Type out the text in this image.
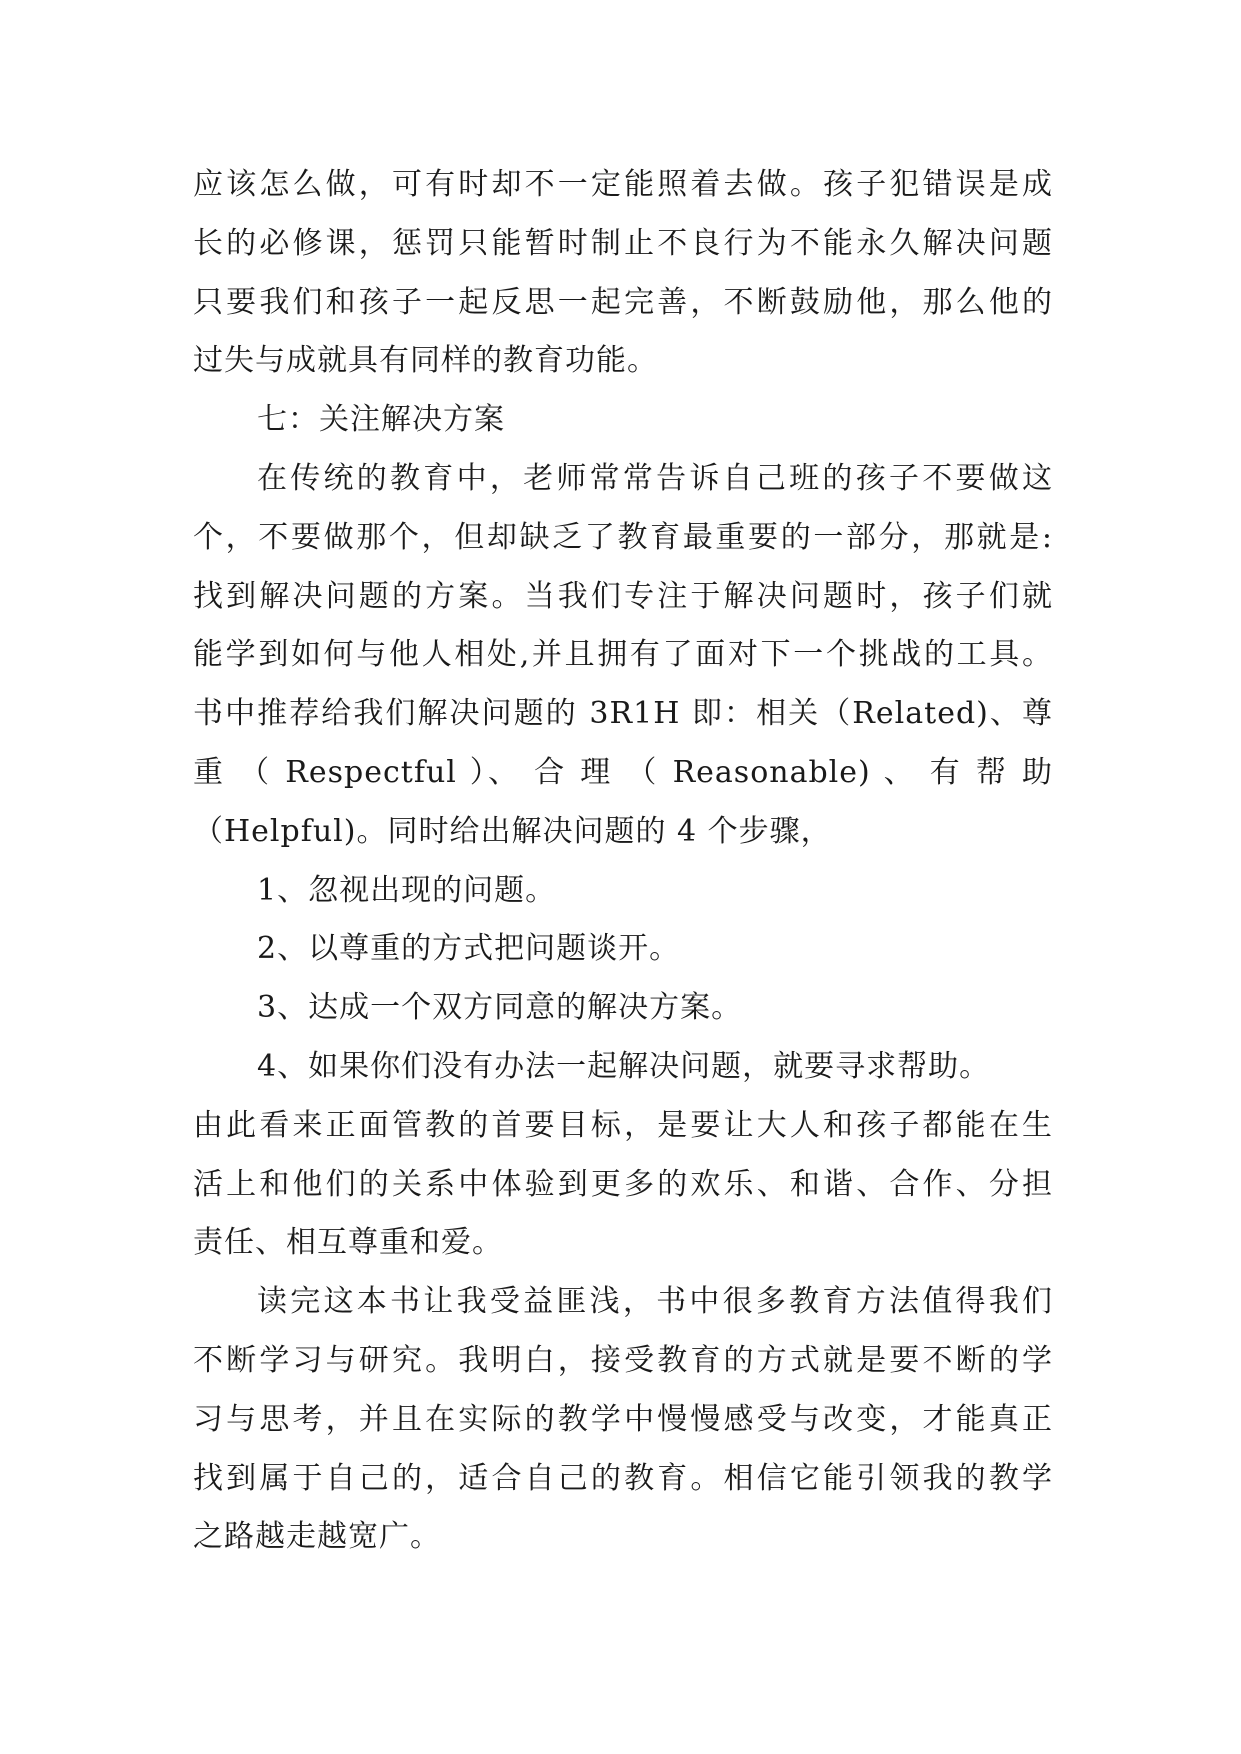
应该怎么做，可有时却不一定能照着去做。孩子犯错误是成
长的必修课，惩罚只能暂时制止不良行为不能永久解决问题
只要我们和孩子一起反思一起完善，不断鼓励他，那么他的
过失与成就具有同样的教育功能。
七：关注解决方案
在传统的教育中，老师常常告诉自己班的孩子不要做这
个，不要做那个，但却缺乏了教育最重要的一部分，那就是:
找到解决问题的方案。当我们专注于解决问题时，孩子们就
能学到如何与他人相处,并且拥有了面对下一个挑战的工具。
书中推荐给我们解决问题的 3R1H 即：相关（Related)、尊
重 （ Respectful ）、 合 理 （ Reasonable) 、 有 帮 助
（Helpful)。同时给出解决问题的 4 个步骤，
1、忽视出现的问题。
2、以尊重的方式把问题谈开。
3、达成一个双方同意的解决方案。
4、如果你们没有办法一起解决问题，就要寻求帮助。
由此看来正面管教的首要目标，是要让大人和孩子都能在生
活上和他们的关系中体验到更多的欢乐、和谐、合作、分担
责任、相互尊重和爱。
读完这本书让我受益匪浅，书中很多教育方法值得我们
不断学习与研究。我明白，接受教育的方式就是要不断的学
习与思考，并且在实际的教学中慢慢感受与改变，才能真正
找到属于自己的，适合自己的教育。相信它能引领我的教学
之路越走越宽广。
